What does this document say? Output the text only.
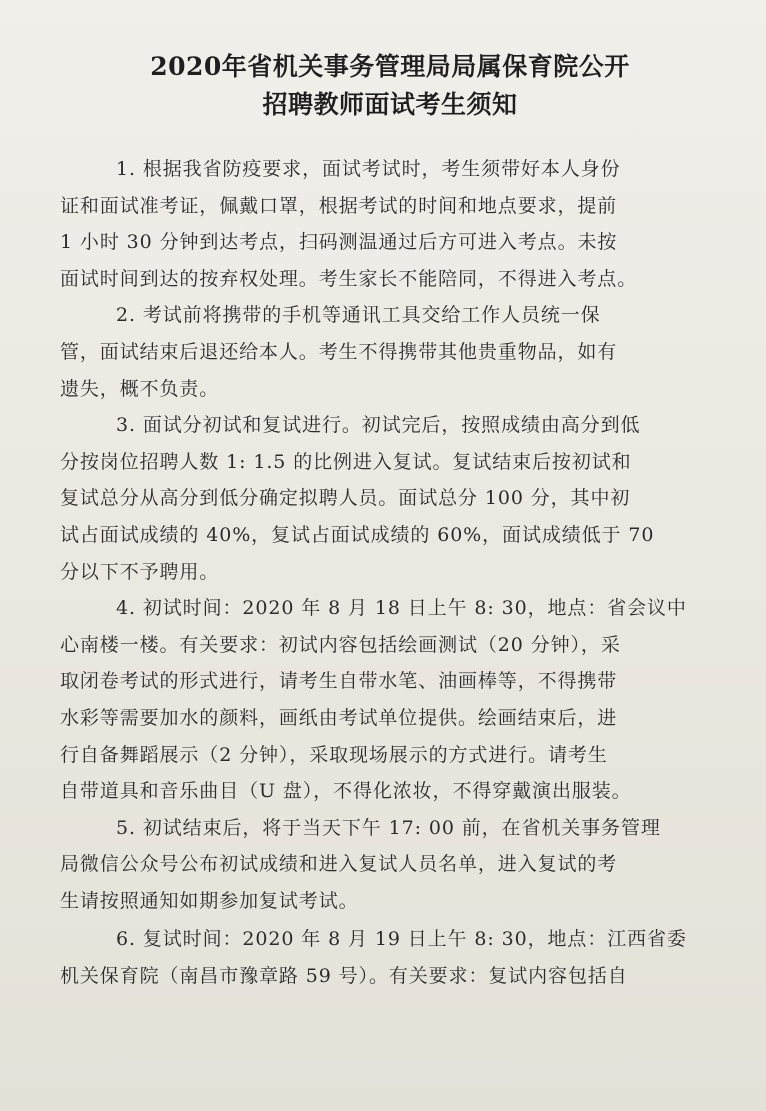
2020年省机关事务管理局局属保育院公开
招聘教师面试考生须知
1. 根据我省防疫要求，面试考试时，考生须带好本人身份
证和面试准考证，佩戴口罩，根据考试的时间和地点要求，提前
1 小时 30 分钟到达考点，扫码测温通过后方可进入考点。未按
面试时间到达的按弃权处理。考生家长不能陪同，不得进入考点。
2. 考试前将携带的手机等通讯工具交给工作人员统一保
管，面试结束后退还给本人。考生不得携带其他贵重物品，如有
遗失，概不负责。
3. 面试分初试和复试进行。初试完后，按照成绩由高分到低
分按岗位招聘人数 1: 1.5 的比例进入复试。复试结束后按初试和
复试总分从高分到低分确定拟聘人员。面试总分 100 分，其中初
试占面试成绩的 40%，复试占面试成绩的 60%，面试成绩低于 70
分以下不予聘用。
4. 初试时间：2020 年 8 月 18 日上午 8: 30，地点：省会议中
心南楼一楼。有关要求：初试内容包括绘画测试（20 分钟），采
取闭卷考试的形式进行，请考生自带水笔、油画棒等，不得携带
水彩等需要加水的颜料，画纸由考试单位提供。绘画结束后，进
行自备舞蹈展示（2 分钟），采取现场展示的方式进行。请考生
自带道具和音乐曲目（U 盘），不得化浓妆，不得穿戴演出服装。
5. 初试结束后，将于当天下午 17: 00 前，在省机关事务管理
局微信公众号公布初试成绩和进入复试人员名单，进入复试的考
生请按照通知如期参加复试考试。
6. 复试时间：2020 年 8 月 19 日上午 8: 30，地点：江西省委
机关保育院（南昌市豫章路 59 号）。有关要求：复试内容包括自
